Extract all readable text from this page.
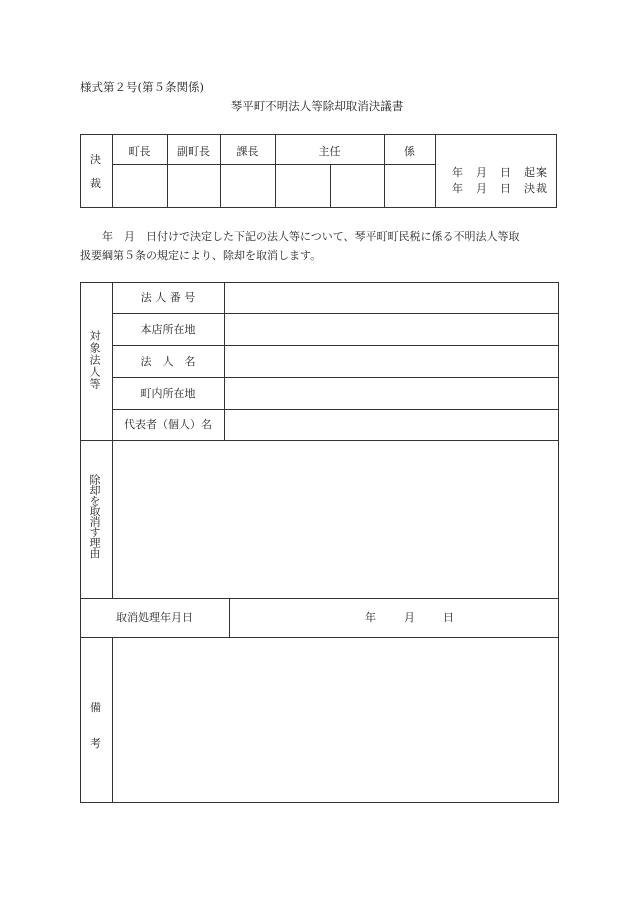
様式第２号(第５条関係)
琴平町不明法人等除却取消決議書
決
裁
町長	副町長	課長	主任	係
年　月　日　起案
年　月　日　決裁
年　月　日付けで決定した下記の法人等について、琴平町町民税に係る不明法人等取
扱要綱第５条の規定により、除却を取消します。
対象法人等
法 人 番 号
本店所在地
法　人　名
町内所在地
代表者（個人）名
除却を取消す理由
取消処理年月日	年　　月　　日
備
考
